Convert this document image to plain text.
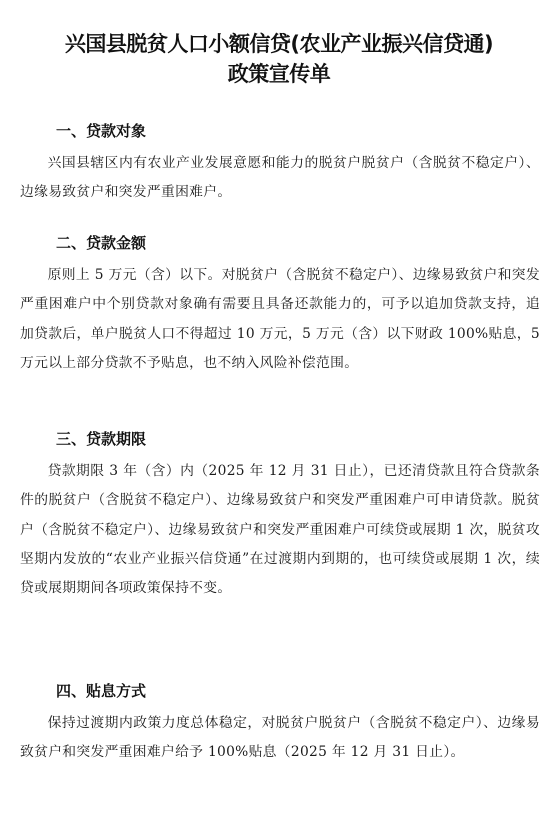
兴国县脱贫人口小额信贷(农业产业振兴信贷通)
政策宣传单
一、贷款对象
兴国县辖区内有农业产业发展意愿和能力的脱贫户脱贫户（含脱贫不稳定户）、边缘易致贫户和突发严重困难户。
二、贷款金额
原则上 5 万元（含）以下。对脱贫户（含脱贫不稳定户）、边缘易致贫户和突发严重困难户中个别贷款对象确有需要且具备还款能力的，可予以追加贷款支持，追加贷款后，单户脱贫人口不得超过 10 万元，5 万元（含）以下财政 100%贴息，5 万元以上部分贷款不予贴息，也不纳入风险补偿范围。
三、贷款期限
贷款期限 3 年（含）内（2025 年 12 月 31 日止），已还清贷款且符合贷款条件的脱贫户（含脱贫不稳定户）、边缘易致贫户和突发严重困难户可申请贷款。脱贫户（含脱贫不稳定户）、边缘易致贫户和突发严重困难户可续贷或展期 1 次，脱贫攻坚期内发放的“农业产业振兴信贷通”在过渡期内到期的，也可续贷或展期 1 次，续贷或展期期间各项政策保持不变。
四、贴息方式
保持过渡期内政策力度总体稳定，对脱贫户脱贫户（含脱贫不稳定户）、边缘易致贫户和突发严重困难户给予 100%贴息（2025 年 12 月 31 日止）。
